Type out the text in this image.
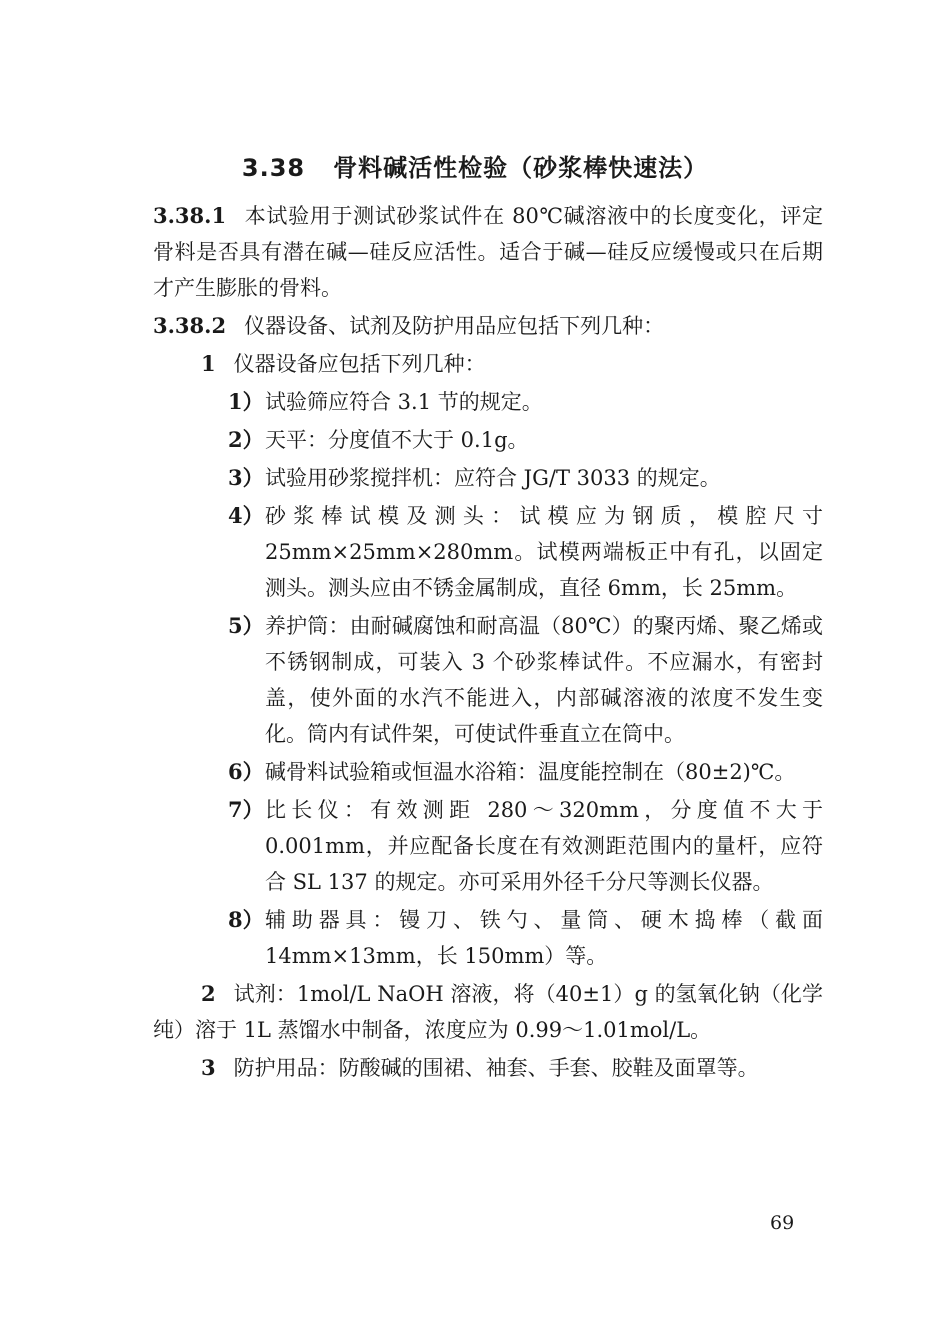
3.38 骨料碱活性检验（砂浆棒快速法）

3.38.1 本试验用于测试砂浆试件在 80℃碱溶液中的长度变化，评定骨料是否具有潜在碱—硅反应活性。适合于碱—硅反应缓慢或只在后期才产生膨胀的骨料。

3.38.2 仪器设备、试剂及防护用品应包括下列几种：

1 仪器设备应包括下列几种：

1） 试验筛应符合 3.1 节的规定。
2） 天平：分度值不大于 0.1g。
3） 试验用砂浆搅拌机：应符合 JG/T 3033 的规定。
4） 砂浆棒试模及测头：试模应为钢质，模腔尺寸 25mm×25mm×280mm。试模两端板正中有孔，以固定测头。测头应由不锈金属制成，直径 6mm，长 25mm。
5） 养护筒：由耐碱腐蚀和耐高温（80℃）的聚丙烯、聚乙烯或不锈钢制成，可装入 3 个砂浆棒试件。不应漏水，有密封盖，使外面的水汽不能进入，内部碱溶液的浓度不发生变化。筒内有试件架，可使试件垂直立在筒中。
6） 碱骨料试验箱或恒温水浴箱：温度能控制在（80±2)℃。
7） 比长仪：有效测距 280～320mm，分度值不大于 0.001mm，并应配备长度在有效测距范围内的量杆，应符合 SL 137 的规定。亦可采用外径千分尺等测长仪器。
8） 辅助器具：镘刀、铁勺、量筒、硬木捣棒（截面 14mm×13mm，长 150mm）等。

2 试剂：1mol/L NaOH 溶液，将（40±1）g 的氢氧化钠（化学纯）溶于 1L 蒸馏水中制备，浓度应为 0.99～1.01mol/L。

3 防护用品：防酸碱的围裙、袖套、手套、胶鞋及面罩等。

69
